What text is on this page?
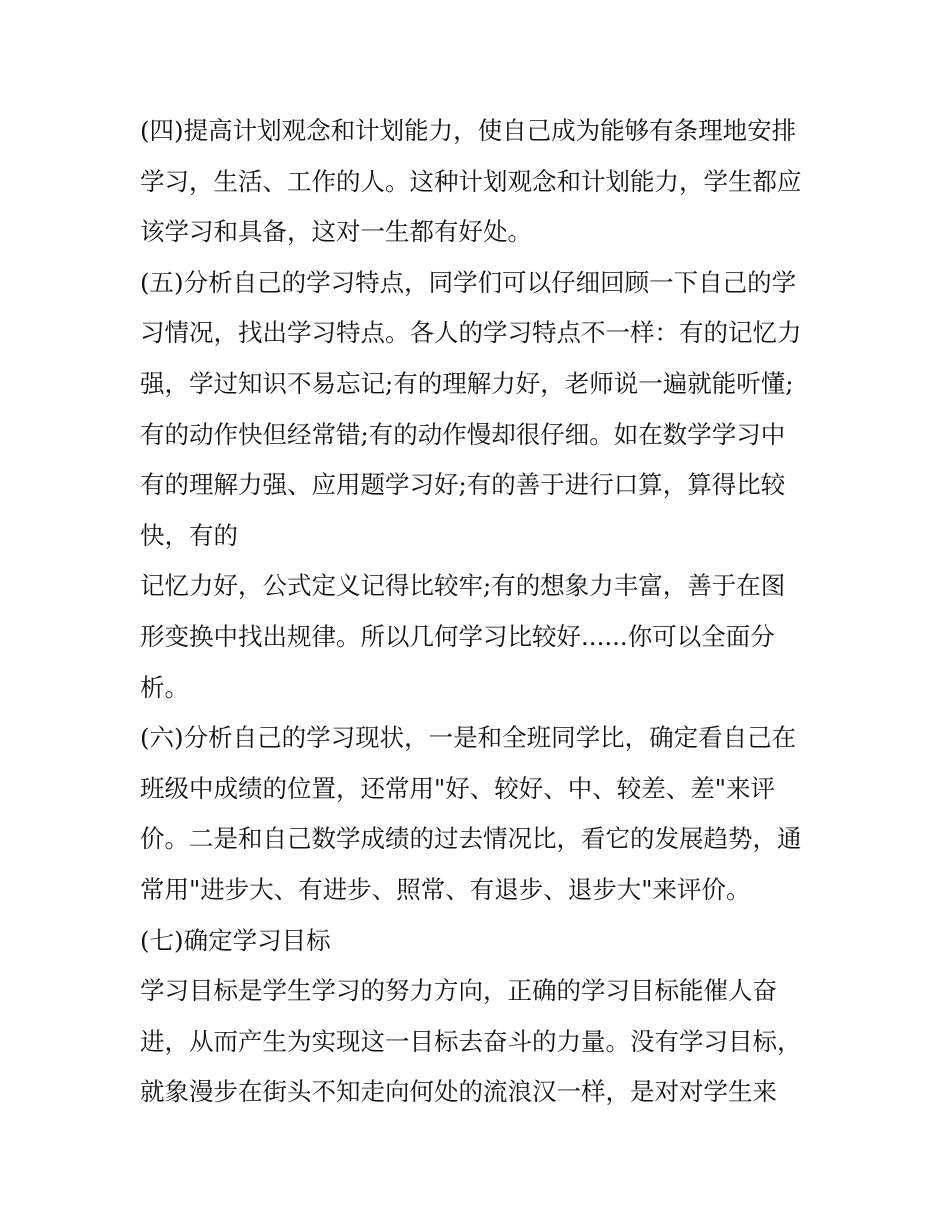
(四)提高计划观念和计划能力，使自己成为能够有条理地安排
学习，生活、工作的人。这种计划观念和计划能力，学生都应
该学习和具备，这对一生都有好处。
(五)分析自己的学习特点，同学们可以仔细回顾一下自己的学
习情况，找出学习特点。各人的学习特点不一样：有的记忆力
强，学过知识不易忘记;有的理解力好，老师说一遍就能听懂;
有的动作快但经常错;有的动作慢却很仔细。如在数学学习中
有的理解力强、应用题学习好;有的善于进行口算，算得比较
快，有的
记忆力好，公式定义记得比较牢;有的想象力丰富，善于在图
形变换中找出规律。所以几何学习比较好......你可以全面分
析。
(六)分析自己的学习现状，一是和全班同学比，确定看自己在
班级中成绩的位置，还常用"好、较好、中、较差、差"来评
价。二是和自己数学成绩的过去情况比，看它的发展趋势，通
常用"进步大、有进步、照常、有退步、退步大"来评价。
(七)确定学习目标
学习目标是学生学习的努力方向，正确的学习目标能催人奋
进，从而产生为实现这一目标去奋斗的力量。没有学习目标，
就象漫步在街头不知走向何处的流浪汉一样，是对对学生来
